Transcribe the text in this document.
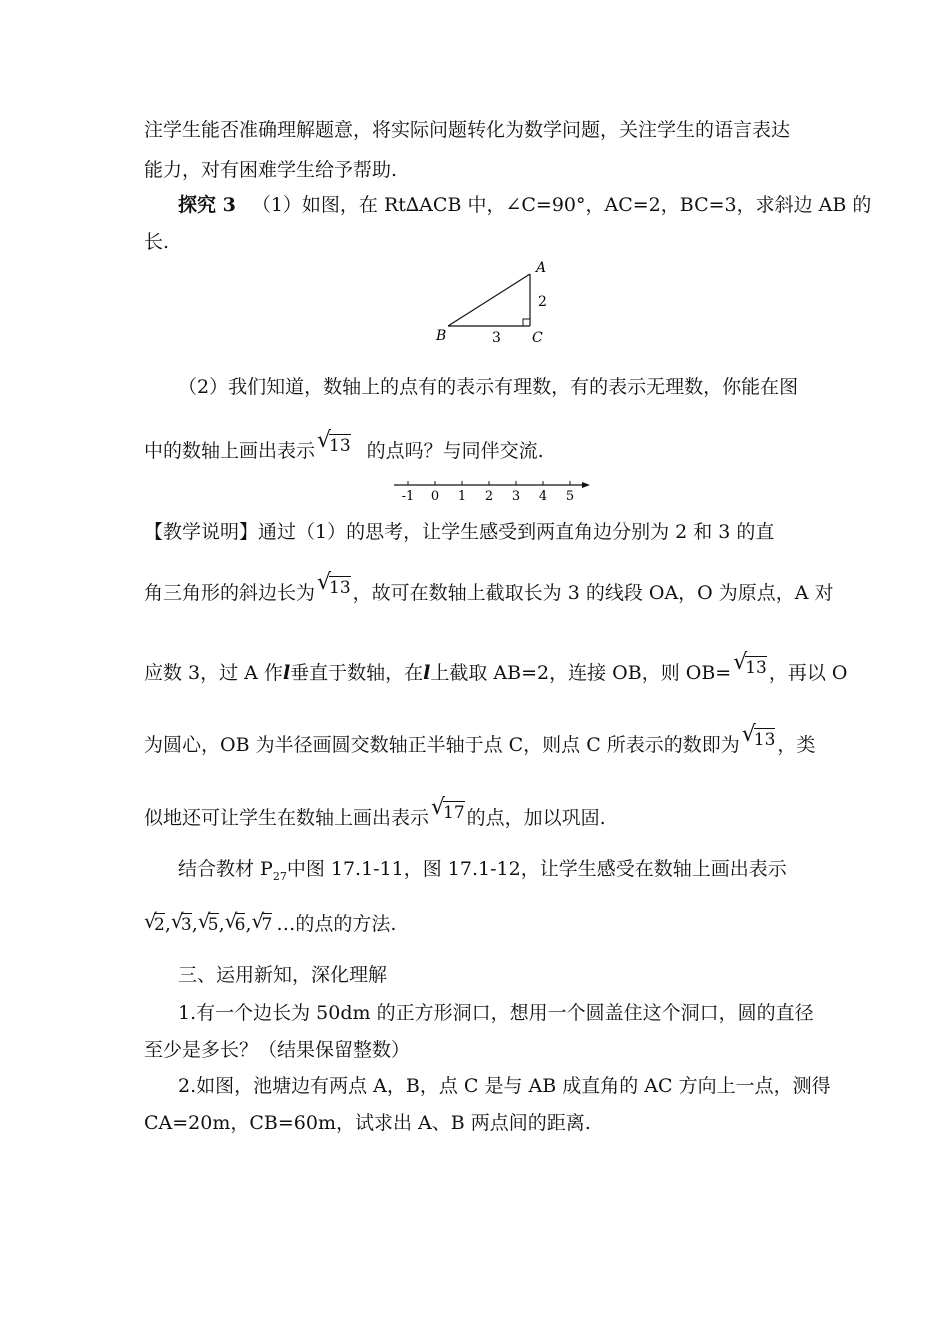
注学生能否准确理解题意，将实际问题转化为数学问题，关注学生的语言表达
能力，对有困难学生给予帮助.
探究 3 （1）如图，在 Rt∆ACB 中，∠C=90°，AC=2，BC=3，求斜边 AB 的
长.
A
B	C
2
3
（2）我们知道，数轴上的点有的表示有理数，有的表示无理数，你能在图
中的数轴上画出表示 √
13 的点吗？与同伴交流.
-1 0 1 2 3 4 5
【教学说明】通过（1）的思考，让学生感受到两直角边分别为 2 和 3 的直
角三角形的斜边长为 √
13 ，故可在数轴上截取长为 3 的线段 OA，O 为原点，A 对
应数 3，过 A 作l垂直于数轴，在l上截取 AB=2，连接 OB，则 OB= √
13 ，再以 O
为圆心，OB 为半径画圆交数轴正半轴于点 C，则点 C 所表示的数即为 √
13 ，类
似地还可让学生在数轴上画出表示 √
17 的点，加以巩固.
结合教材 $P_{27}$中图 17.1-11，图 17.1-12，让学生感受在数轴上画出表示
√
2, √
3, √
5, √
6, √
7 …的点的方法.
三、运用新知，深化理解
1.有一个边长为 50dm 的正方形洞口，想用一个圆盖住这个洞口，圆的直径
至少是多长？（结果保留整数）
2.如图，池塘边有两点 A，B，点 C 是与 AB 成直角的 AC 方向上一点，测得
CA=20m，CB=60m，试求出 A、B 两点间的距离.
